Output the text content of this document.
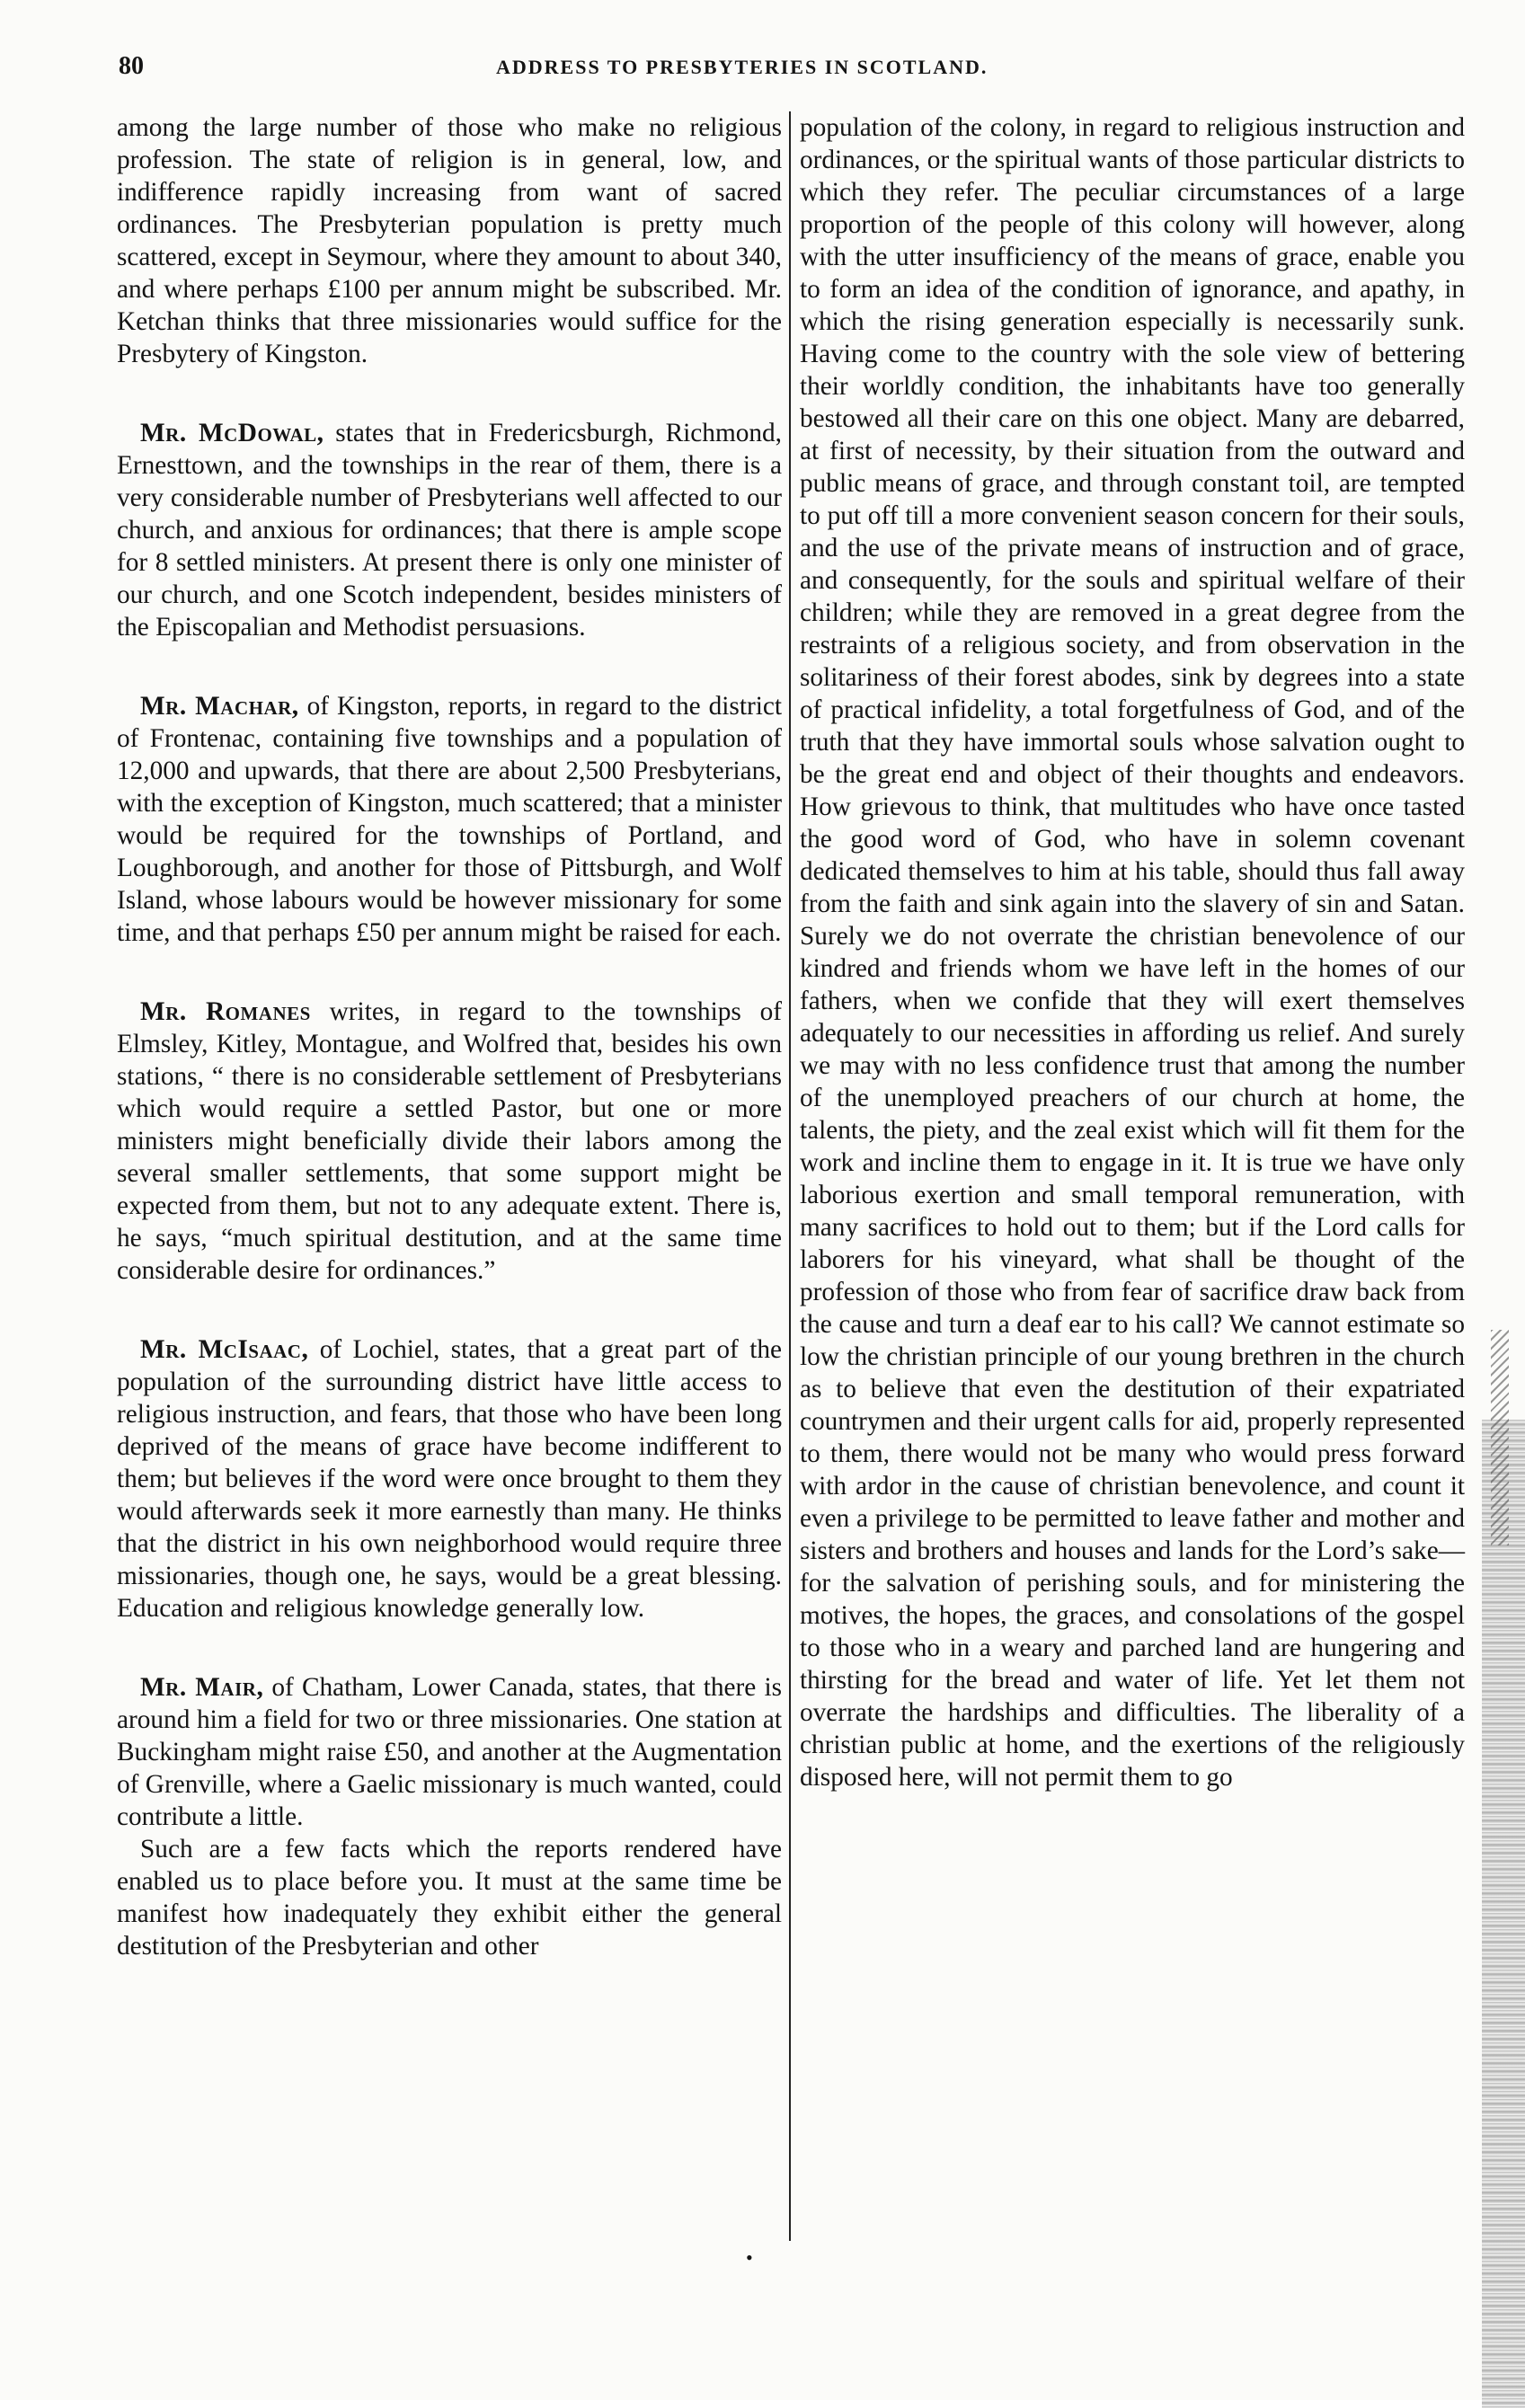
80	ADDRESS TO PRESBYTERIES IN SCOTLAND.

among the large number of those who make no religious profession. The state of religion is in general, low, and indifference rapidly increasing from want of sacred ordinances. The Presbyterian population is pretty much scattered, except in Seymour, where they amount to about 340, and where perhaps £100 per annum might be subscribed. Mr. Ketchan thinks that three missionaries would suffice for the Presbytery of Kingston.

Mr. McDowal, states that in Fredericsburgh, Richmond, Ernesttown, and the townships in the rear of them, there is a very considerable number of Presbyterians well affected to our church, and anxious for ordinances; that there is ample scope for 8 settled ministers. At present there is only one minister of our church, and one Scotch independent, besides ministers of the Episcopalian and Methodist persuasions.

Mr. Machar, of Kingston, reports, in regard to the district of Frontenac, containing five townships and a population of 12,000 and upwards, that there are about 2,500 Presbyterians, with the exception of Kingston, much scattered; that a minister would be required for the townships of Portland, and Loughborough, and another for those of Pittsburgh, and Wolf Island, whose labours would be however missionary for some time, and that perhaps £50 per annum might be raised for each.

Mr. Romanes writes, in regard to the townships of Elmsley, Kitley, Montague, and Wolfred that, besides his own stations, “ there is no considerable settlement of Presbyterians which would require a settled Pastor, but one or more ministers might beneficially divide their labors among the several smaller settlements, that some support might be expected from them, but not to any adequate extent. There is, he says, “much spiritual destitution, and at the same time considerable desire for ordinances.”

Mr. McIsaac, of Lochiel, states, that a great part of the population of the surrounding district have little access to religious instruction, and fears, that those who have been long deprived of the means of grace have become indifferent to them; but believes if the word were once brought to them they would afterwards seek it more earnestly than many. He thinks that the district in his own neighborhood would require three missionaries, though one, he says, would be a great blessing. Education and religious knowledge generally low.

Mr. Mair, of Chatham, Lower Canada, states, that there is around him a field for two or three missionaries. One station at Buckingham might raise £50, and another at the Augmentation of Grenville, where a Gaelic missionary is much wanted, could contribute a little.

Such are a few facts which the reports rendered have enabled us to place before you. It must at the same time be manifest how inadequately they exhibit either the general destitution of the Presbyterian and other

population of the colony, in regard to religious instruction and ordinances, or the spiritual wants of those particular districts to which they refer. The peculiar circumstances of a large proportion of the people of this colony will however, along with the utter insufficiency of the means of grace, enable you to form an idea of the condition of ignorance, and apathy, in which the rising generation especially is necessarily sunk. Having come to the country with the sole view of bettering their worldly condition, the inhabitants have too generally bestowed all their care on this one object. Many are debarred, at first of necessity, by their situation from the outward and public means of grace, and through constant toil, are tempted to put off till a more convenient season concern for their souls, and the use of the private means of instruction and of grace, and consequently, for the souls and spiritual welfare of their children; while they are removed in a great degree from the restraints of a religious society, and from observation in the solitariness of their forest abodes, sink by degrees into a state of practical infidelity, a total forgetfulness of God, and of the truth that they have immortal souls whose salvation ought to be the great end and object of their thoughts and endeavors. How grievous to think, that multitudes who have once tasted the good word of God, who have in solemn covenant dedicated themselves to him at his table, should thus fall away from the faith and sink again into the slavery of sin and Satan. Surely we do not overrate the christian benevolence of our kindred and friends whom we have left in the homes of our fathers, when we confide that they will exert themselves adequately to our necessities in affording us relief. And surely we may with no less confidence trust that among the number of the unemployed preachers of our church at home, the talents, the piety, and the zeal exist which will fit them for the work and incline them to engage in it. It is true we have only laborious exertion and small temporal remuneration, with many sacrifices to hold out to them; but if the Lord calls for laborers for his vineyard, what shall be thought of the profession of those who from fear of sacrifice draw back from the cause and turn a deaf ear to his call? We cannot estimate so low the christian principle of our young brethren in the church as to believe that even the destitution of their expatriated countrymen and their urgent calls for aid, properly represented to them, there would not be many who would press forward with ardor in the cause of christian benevolence, and count it even a privilege to be permitted to leave father and mother and sisters and brothers and houses and lands for the Lord’s sake—for the salvation of perishing souls, and for ministering the motives, the hopes, the graces, and consolations of the gospel to those who in a weary and parched land are hungering and thirsting for the bread and water of life. Yet let them not overrate the hardships and difficulties. The liberality of a christian public at home, and the exertions of the religiously disposed here, will not permit them to go

•
